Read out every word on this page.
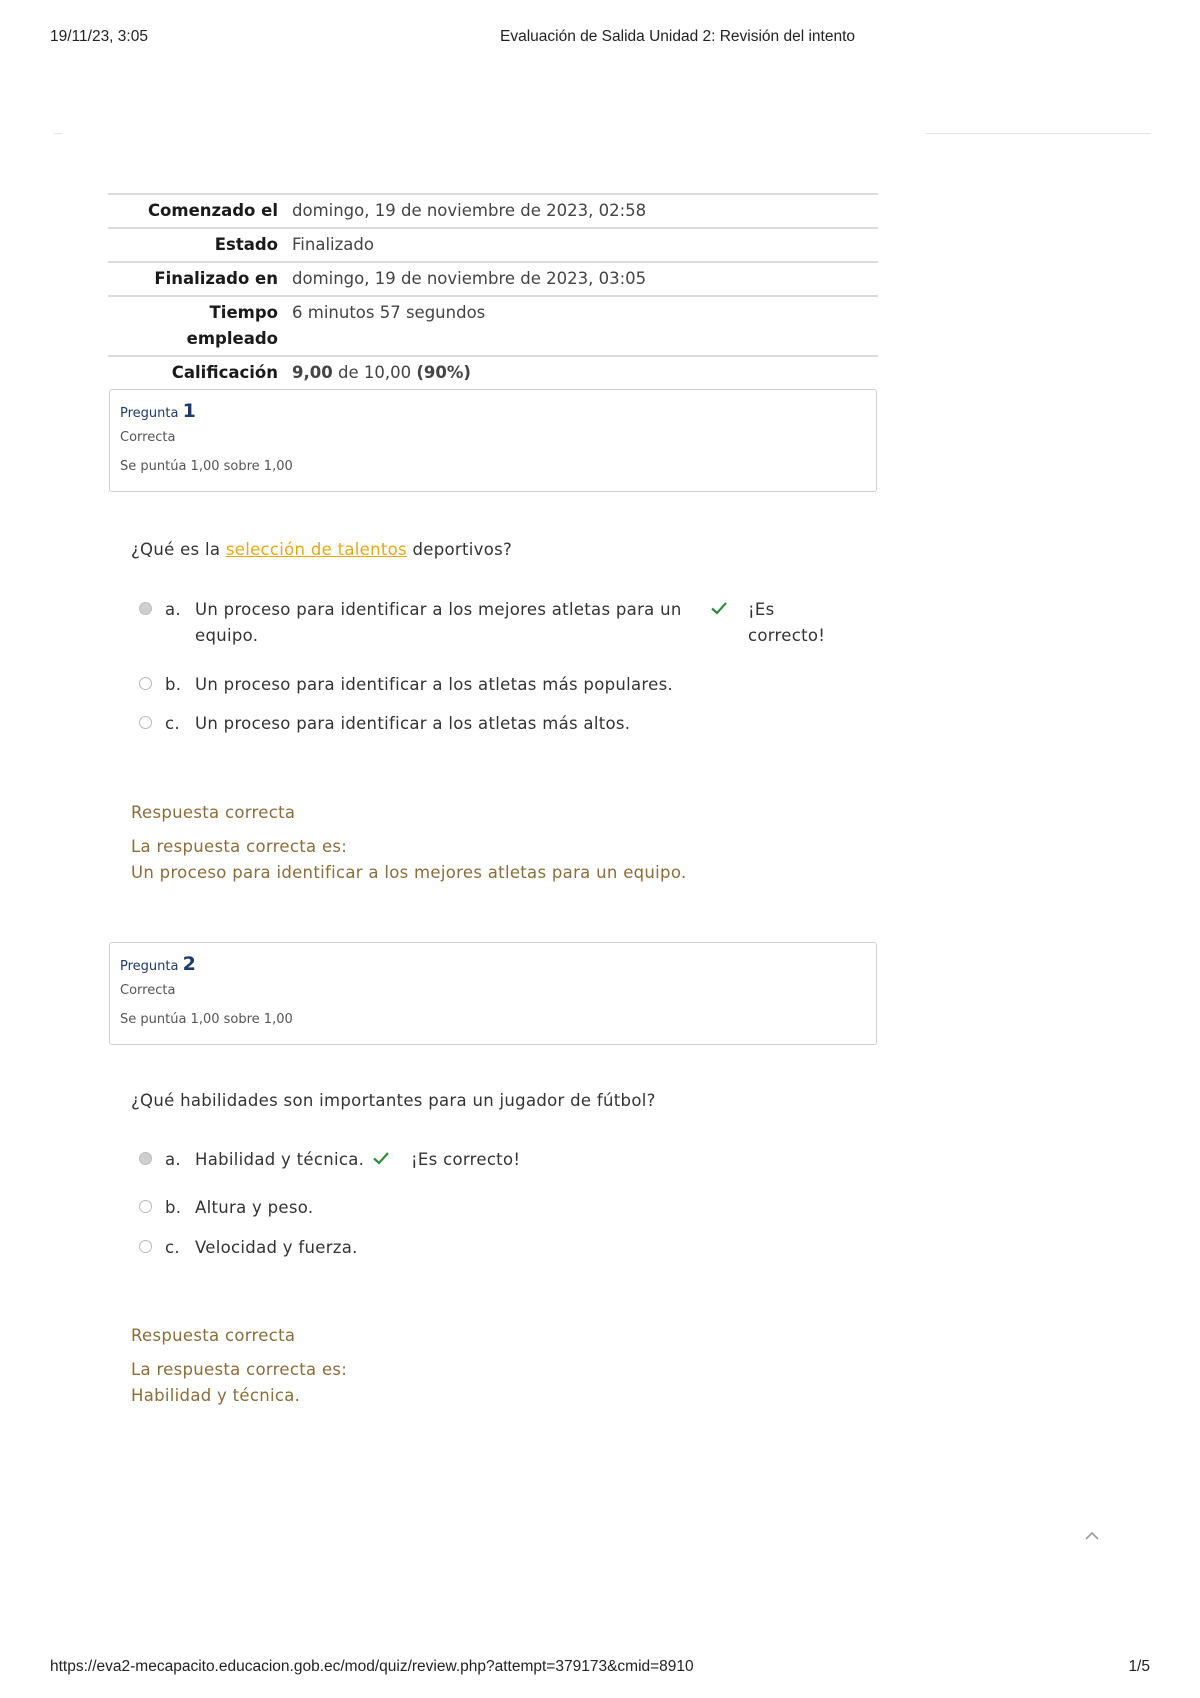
19/11/23, 3:05	Evaluación de Salida Unidad 2: Revisión del intento
Comenzado el	domingo, 19 de noviembre de 2023, 02:58
Estado	Finalizado
Finalizado en	domingo, 19 de noviembre de 2023, 03:05
Tiempo
empleado	6 minutos 57 segundos
Calificación	9,00 de 10,00 (90%)
Pregunta 1
Correcta
Se puntúa 1,00 sobre 1,00
¿Qué es la selección de talentos deportivos?
a. Un proceso para identificar a los mejores atletas para un
equipo.
¡Es
correcto!
b. Un proceso para identificar a los atletas más populares.
c. Un proceso para identificar a los atletas más altos.
Respuesta correcta
La respuesta correcta es:
Un proceso para identificar a los mejores atletas para un equipo.
Pregunta 2
Correcta
Se puntúa 1,00 sobre 1,00
¿Qué habilidades son importantes para un jugador de fútbol?
a. Habilidad y técnica.	¡Es correcto!
b. Altura y peso.
c. Velocidad y fuerza.
Respuesta correcta
La respuesta correcta es:
Habilidad y técnica.
https://eva2-mecapacito.educacion.gob.ec/mod/quiz/review.php?attempt=379173&cmid=8910	1/5
